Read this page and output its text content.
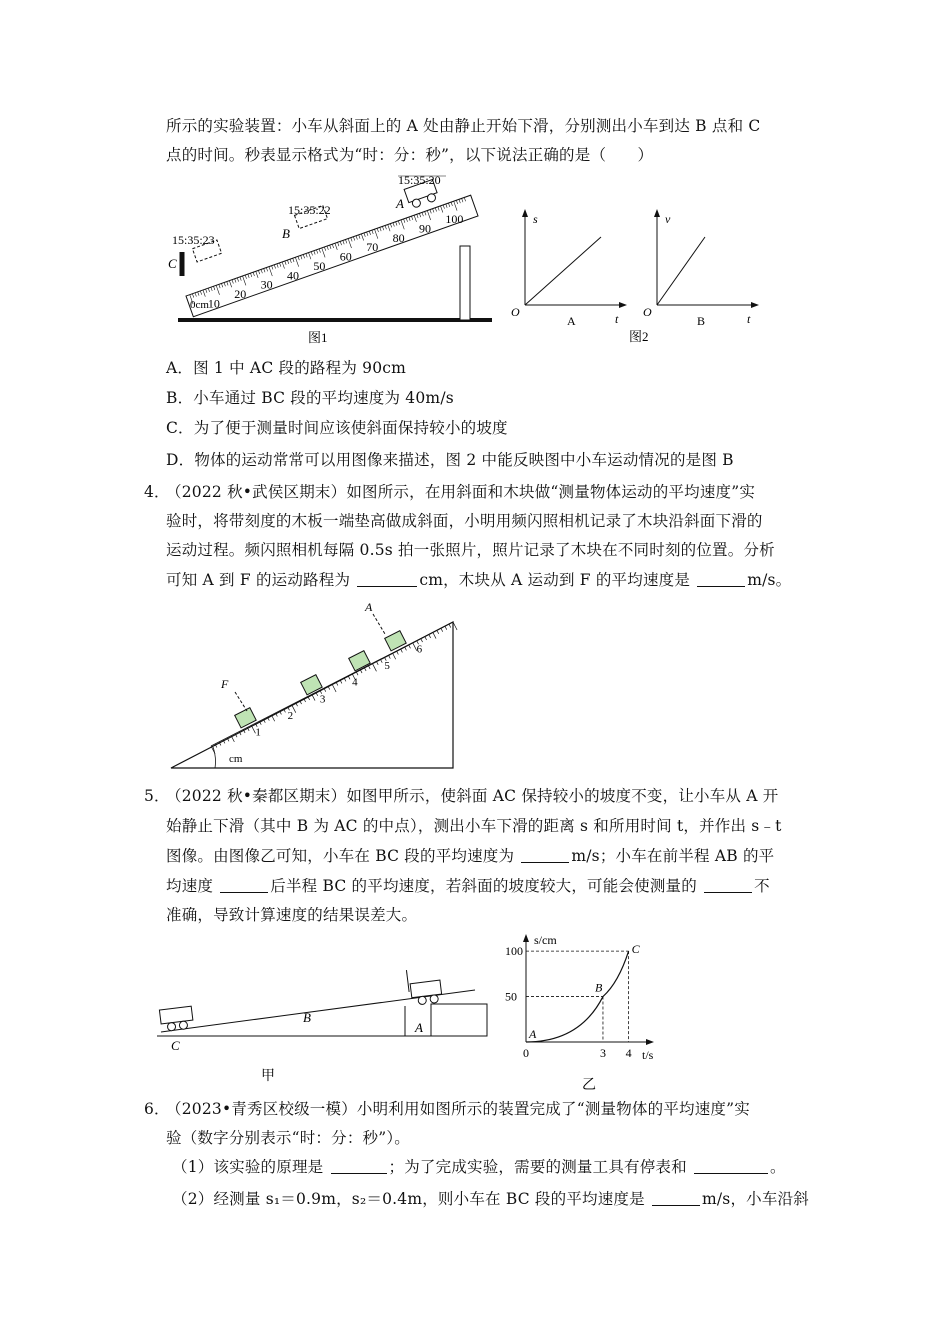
所示的实验装置：小车从斜面上的 A 处由静止开始下滑，分别测出小车到达 B 点和 C
点的时间。秒表显示格式为“时：分：秒”，以下说法正确的是（　　）
15:35:20
15:35:22
15:35:23
A
B
C
0cm
10
20
30
40
50
60
70
80
90
100
图1
s
t
O
A
v
t
O
B
图2
A．图 1 中 AC 段的路程为 90cm
B．小车通过 BC 段的平均速度为 40m/s
C．为了便于测量时间应该使斜面保持较小的坡度
D．物体的运动常常可以用图像来描述，图 2 中能反映图中小车运动情况的是图 B
4．
（2022 秋•武侯区期末）如图所示，在用斜面和木块做“测量物体运动的平均速度”实
验时，将带刻度的木板一端垫高做成斜面，小明用频闪照相机记录了木块沿斜面下滑的
运动过程。频闪照相机每隔 0.5s 拍一张照片，照片记录了木块在不同时刻的位置。分析
可知 A 到 F 的运动路程为	cm，木块从 A 运动到 F 的平均速度是	m/s。
F
A
cm
1
2
3
4
5
6
5．
（2022 秋•秦都区期末）如图甲所示，使斜面 AC 保持较小的坡度不变，让小车从 A 开
始静止下滑（其中 B 为 AC 的中点），测出小车下滑的距离 s 和所用时间 t，并作出 s﹣t
图像。由图像乙可知，小车在 BC 段的平均速度为	m/s；小车在前半程 AB 的平
均速度	后半程 BC 的平均速度，若斜面的坡度较大，可能会使测量的	不
准确，导致计算速度的结果误差大。
C
B
A
甲
s/cm
t/s
100
50
0	3 4
A
B
C
乙
6．
（2023•青秀区校级一模）小明利用如图所示的装置完成了“测量物体的平均速度”实
验（数字分别表示“时：分：秒”）。
（1）该实验的原理是	；为了完成实验，需要的测量工具有停表和	。
（2）经测量 s₁＝0.9m，s₂＝0.4m，则小车在 BC 段的平均速度是	m/s，小车沿斜
